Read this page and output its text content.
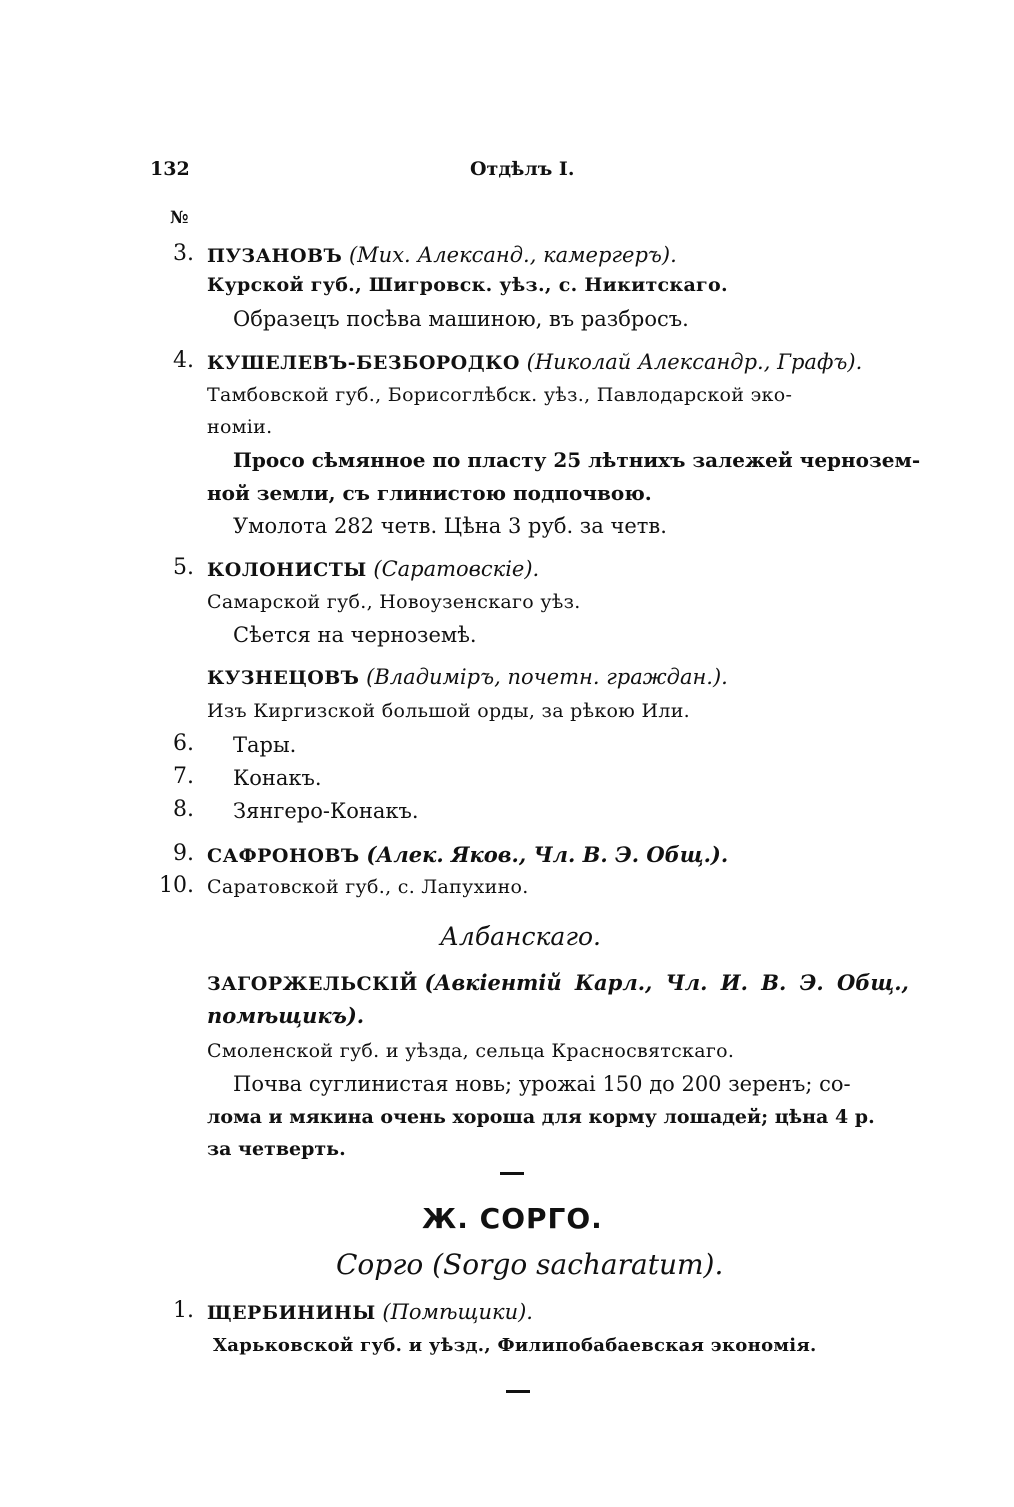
132	Отдѣлъ I.
№
3. ПУЗАНОВЪ (Мих. Александ., камергеръ).
Курской губ., Шигровск. уѣз., с. Никитскаго.
Образецъ посѣва машиною, въ разбросъ.
4. КУШЕЛЕВЪ-БЕЗБОРОДКО (Николай Александр., Графъ).
Тамбовской губ., Борисоглѣбск. уѣз., Павлодарской эко-
номіи.
Просо сѣмянное по пласту 25 лѣтнихъ залежей чернозем-
ной земли, съ глинистою подпочвою.
Умолота 282 четв. Цѣна 3 руб. за четв.
5. КОЛОНИСТЫ (Саратовскіе).
Самарской губ., Новоузенскаго уѣз.
Сѣется на черноземѣ.
КУЗНЕЦОВЪ (Владиміръ, почетн. граждан.).
Изъ Киргизской большой орды, за рѣкою Или.
6. Тары.
7. Конакъ.
8. Зянгеро-Конакъ.
9. САФРОНОВЪ (Алек. Яков., Чл. В. Э. Общ.).
10. Саратовской губ., с. Лапухино.
Албанскаго.
ЗАГОРЖЕЛЬСКІЙ (Авкіентій Карл., Чл. И. В. Э. Общ.,
помѣщикъ).
Смоленской губ. и уѣзда, сельца Красносвятскаго.
Почва суглинистая новь; урожаі 150 до 200 зеренъ; со-
лома и мякина очень хороша для корму лошадей; цѣна 4 р.
за четверть.
Ж. СОРГО.
Сорго (Sorgo sacharatum).
1. ЩЕРБИНИНЫ (Помѣщики).
Харьковской губ. и уѣзд., Филипобабаевская экономія.
